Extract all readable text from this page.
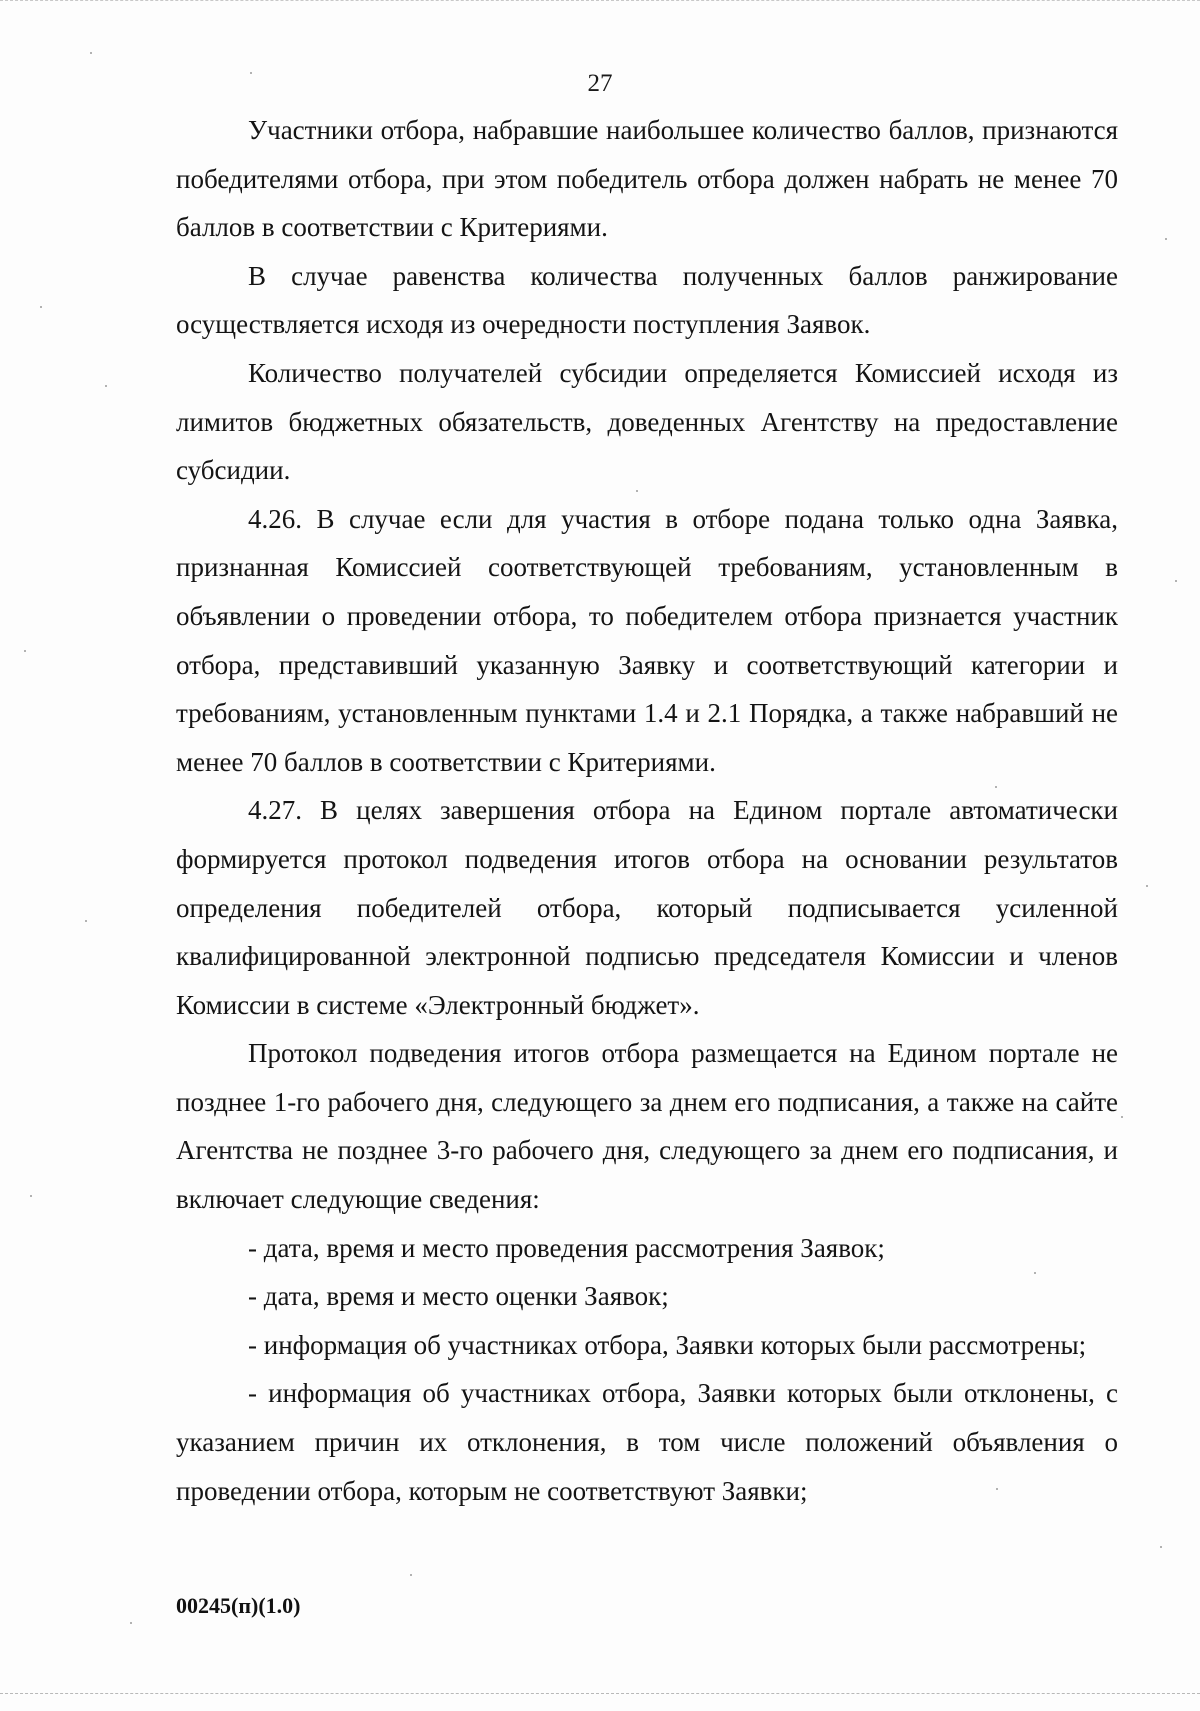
27

Участники отбора, набравшие наибольшее количество баллов, признаются победителями отбора, при этом победитель отбора должен набрать не менее 70 баллов в соответствии с Критериями.

В случае равенства количества полученных баллов ранжирование осуществляется исходя из очередности поступления Заявок.

Количество получателей субсидии определяется Комиссией исходя из лимитов бюджетных обязательств, доведенных Агентству на предоставление субсидии.

4.26. В случае если для участия в отборе подана только одна Заявка, признанная Комиссией соответствующей требованиям, установленным в объявлении о проведении отбора, то победителем отбора признается участник отбора, представивший указанную Заявку и соответствующий категории и требованиям, установленным пунктами 1.4 и 2.1 Порядка, а также набравший не менее 70 баллов в соответствии с Критериями.

4.27. В целях завершения отбора на Едином портале автоматически формируется протокол подведения итогов отбора на основании результатов определения победителей отбора, который подписывается усиленной квалифицированной электронной подписью председателя Комиссии и членов Комиссии в системе «Электронный бюджет».

Протокол подведения итогов отбора размещается на Едином портале не позднее 1-го рабочего дня, следующего за днем его подписания, а также на сайте Агентства не позднее 3-го рабочего дня, следующего за днем его подписания, и включает следующие сведения:

- дата, время и место проведения рассмотрения Заявок;

- дата, время и место оценки Заявок;

- информация об участниках отбора, Заявки которых были рассмотрены;

- информация об участниках отбора, Заявки которых были отклонены, с указанием причин их отклонения, в том числе положений объявления о проведении отбора, которым не соответствуют Заявки;

00245(п)(1.0)
